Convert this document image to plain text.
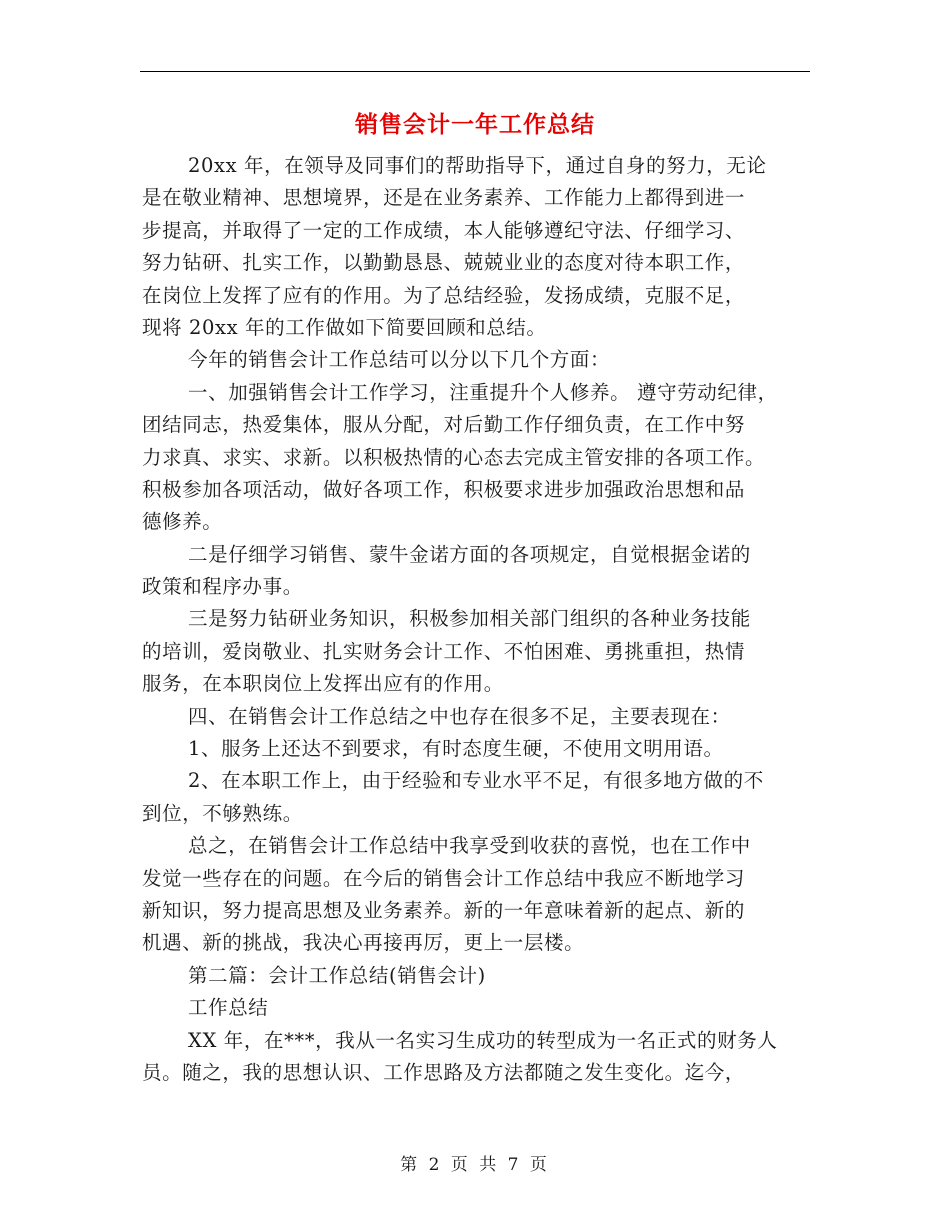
销售会计一年工作总结
20xx 年，在领导及同事们的帮助指导下，通过自身的努力，无论
是在敬业精神、思想境界，还是在业务素养、工作能力上都得到进一
步提高，并取得了一定的工作成绩，本人能够遵纪守法、仔细学习、
努力钻研、扎实工作，以勤勤恳恳、兢兢业业的态度对待本职工作，
在岗位上发挥了应有的作用。为了总结经验，发扬成绩，克服不足，
现将 20xx 年的工作做如下简要回顾和总结。
今年的销售会计工作总结可以分以下几个方面：
一、加强销售会计工作学习，注重提升个人修养。 遵守劳动纪律，
团结同志，热爱集体，服从分配，对后勤工作仔细负责，在工作中努
力求真、求实、求新。以积极热情的心态去完成主管安排的各项工作。
积极参加各项活动，做好各项工作，积极要求进步加强政治思想和品
德修养。
二是仔细学习销售、蒙牛金诺方面的各项规定，自觉根据金诺的
政策和程序办事。
三是努力钻研业务知识，积极参加相关部门组织的各种业务技能
的培训，爱岗敬业、扎实财务会计工作、不怕困难、勇挑重担，热情
服务，在本职岗位上发挥出应有的作用。
四、在销售会计工作总结之中也存在很多不足，主要表现在：
1、服务上还达不到要求，有时态度生硬，不使用文明用语。
2、在本职工作上，由于经验和专业水平不足，有很多地方做的不
到位，不够熟练。
总之，在销售会计工作总结中我享受到收获的喜悦，也在工作中
发觉一些存在的问题。在今后的销售会计工作总结中我应不断地学习
新知识，努力提高思想及业务素养。新的一年意味着新的起点、新的
机遇、新的挑战，我决心再接再厉，更上一层楼。
第二篇：会计工作总结(销售会计)
工作总结
XX 年，在***，我从一名实习生成功的转型成为一名正式的财务人
员。随之，我的思想认识、工作思路及方法都随之发生变化。迄今，
第 2 页 共 7 页
